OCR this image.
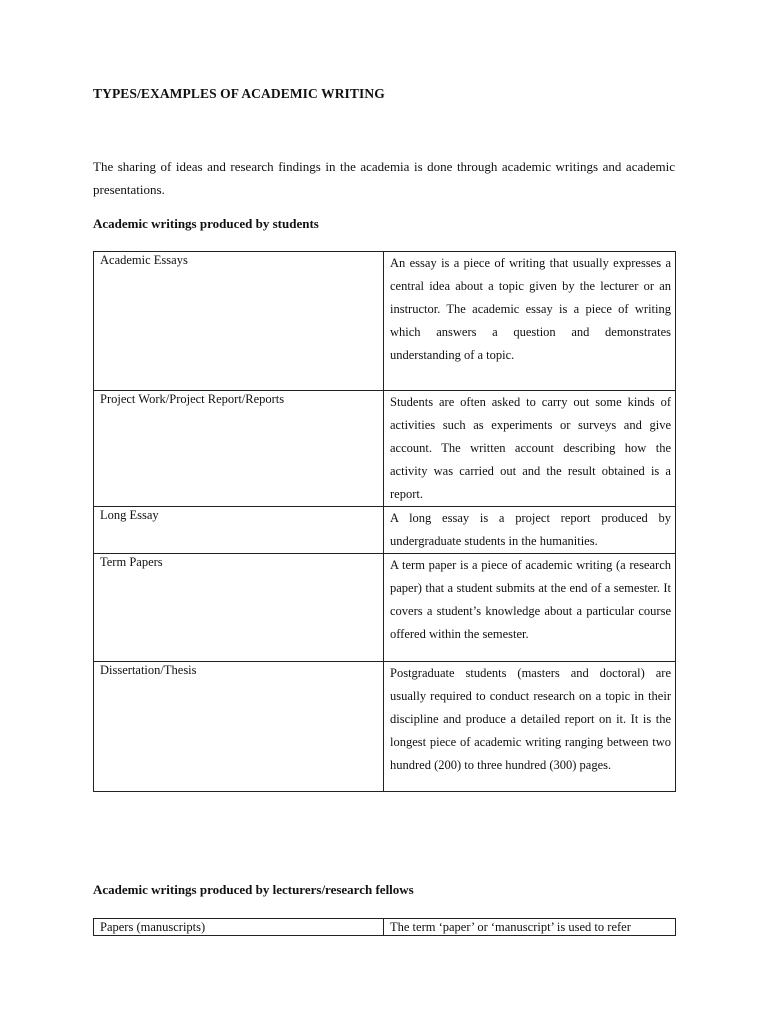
TYPES/EXAMPLES OF ACADEMIC WRITING
The sharing of ideas and research findings in the academia is done through academic writings and academic presentations.
Academic writings produced by students
Academic Essays	An essay is a piece of writing that usually expresses a central idea about a topic given by the lecturer or an instructor. The academic essay is a piece of writing which answers a question and demonstrates understanding of a topic.
Project Work/Project Report/Reports	Students are often asked to carry out some kinds of activities such as experiments or surveys and give account. The written account describing how the activity was carried out and the result obtained is a report.
Long Essay	A long essay is a project report produced by undergraduate students in the humanities.
Term Papers	A term paper is a piece of academic writing (a research paper) that a student submits at the end of a semester. It covers a student’s knowledge about a particular course offered within the semester.
Dissertation/Thesis	Postgraduate students (masters and doctoral) are usually required to conduct research on a topic in their discipline and produce a detailed report on it. It is the longest piece of academic writing ranging between two hundred (200) to three hundred (300) pages.
Academic writings produced by lecturers/research fellows
Papers (manuscripts)	The term ‘paper’ or ‘manuscript’ is used to refer
